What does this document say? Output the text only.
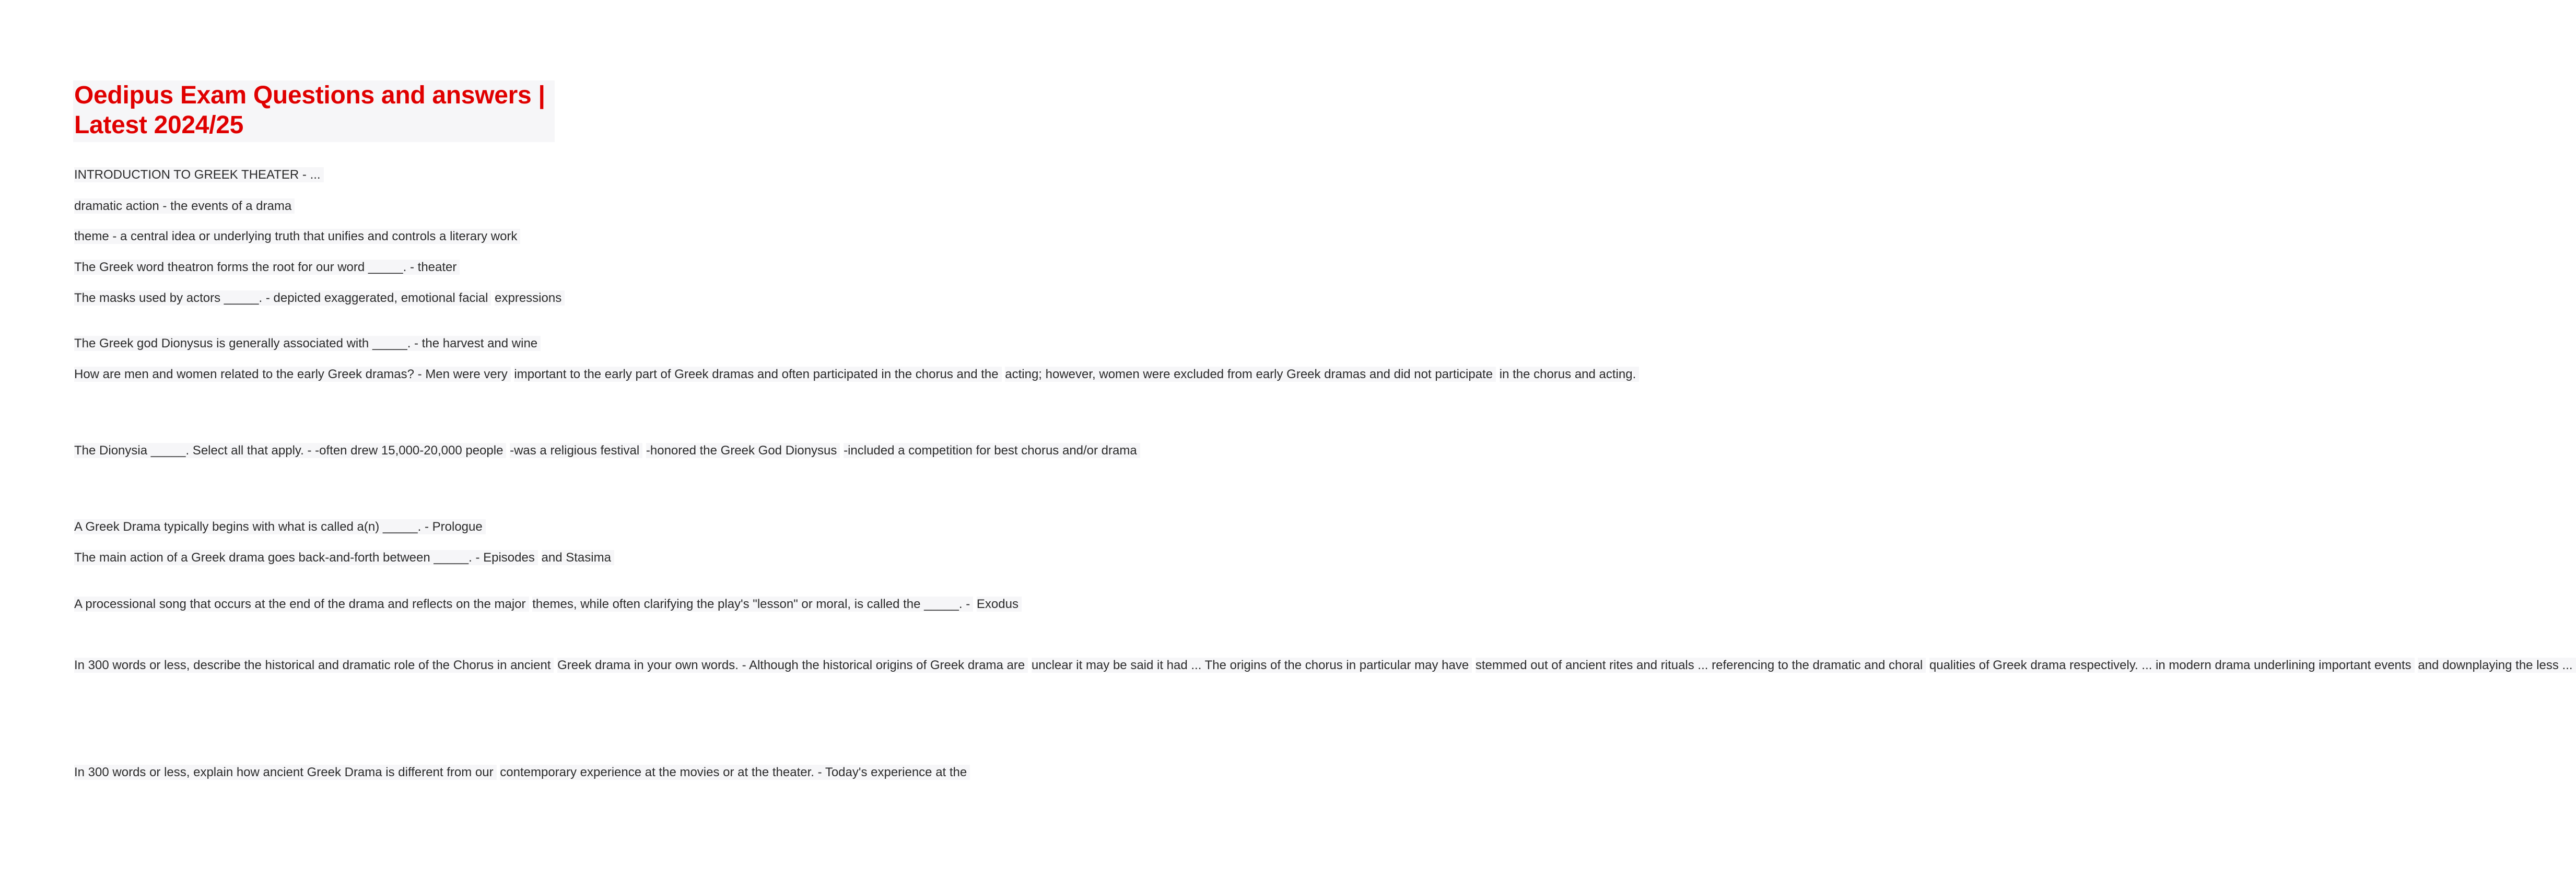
Oedipus Exam Questions and answers |
Latest 2024/25
INTRODUCTION TO GREEK THEATER - ...
dramatic action - the events of a drama
theme - a central idea or underlying truth that unifies and controls a literary work
The Greek word theatron forms the root for our word _____. - theater
The masks used by actors _____. - depicted exaggerated, emotional facial expressions
The Greek god Dionysus is generally associated with _____. - the harvest and wine
How are men and women related to the early Greek dramas? - Men were very important to the early part of Greek dramas and often participated in the chorus and the acting; however, women were excluded from early Greek dramas and did not participate in the chorus and acting.
The Dionysia _____. Select all that apply. - -often drew 15,000-20,000 people -was a religious festival -honored the Greek God Dionysus -included a competition for best chorus and/or drama
A Greek Drama typically begins with what is called a(n) _____. - Prologue
The main action of a Greek drama goes back-and-forth between _____. - Episodes and Stasima
A processional song that occurs at the end of the drama and reflects on the major themes, while often clarifying the play's "lesson" or moral, is called the _____. - Exodus
In 300 words or less, describe the historical and dramatic role of the Chorus in ancient Greek drama in your own words. - Although the historical origins of Greek drama are unclear it may be said it had ... The origins of the chorus in particular may have stemmed out of ancient rites and rituals ... referencing to the dramatic and choral qualities of Greek drama respectively. ... in modern drama underlining important events and downplaying the less ...
In 300 words or less, explain how ancient Greek Drama is different from our contemporary experience at the movies or at the theater. - Today's experience at the
